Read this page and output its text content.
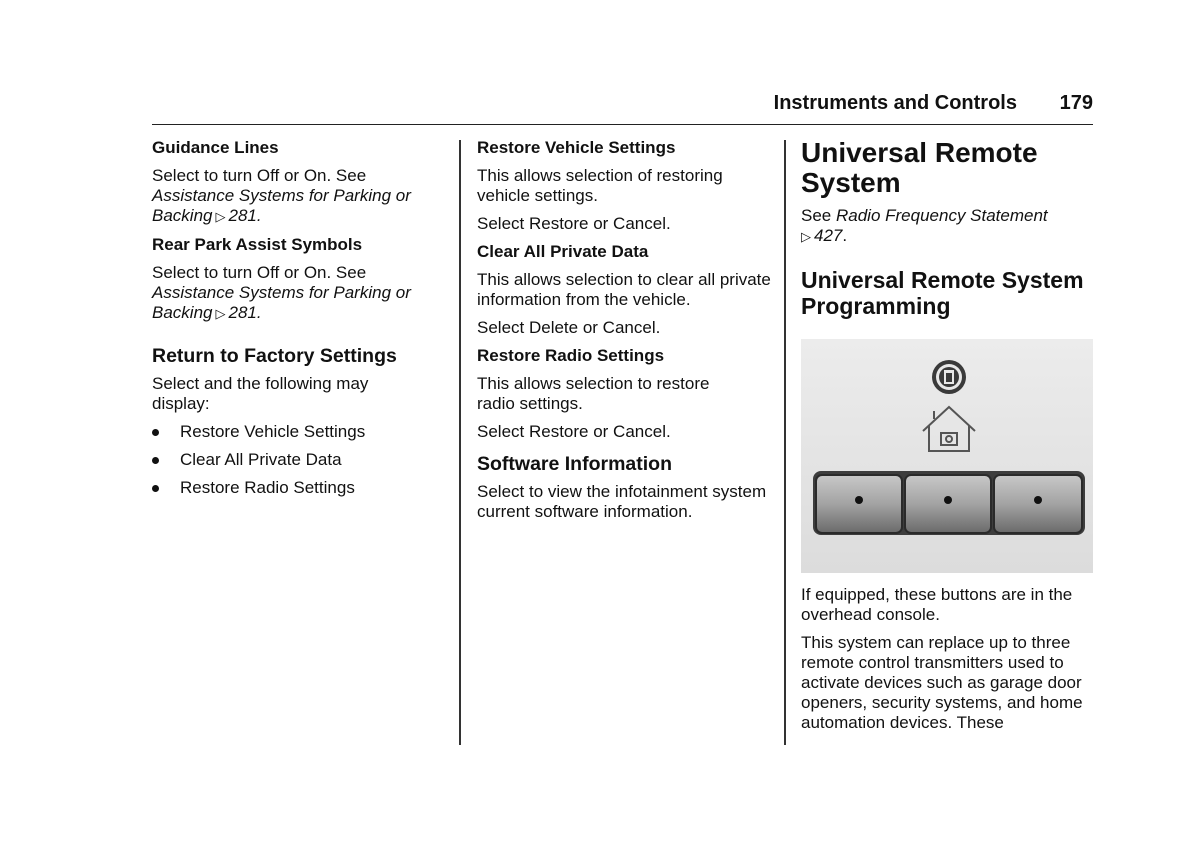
Instruments and Controls 179
Guidance Lines
Select to turn Off or On. See
Assistance Systems for Parking or
Backing ▷ 281.
Rear Park Assist Symbols
Select to turn Off or On. See
Assistance Systems for Parking or
Backing ▷ 281.
Return to Factory Settings
Select and the following may display:
Restore Vehicle Settings
Clear All Private Data
Restore Radio Settings
Restore Vehicle Settings
This allows selection of restoring vehicle settings.
Select Restore or Cancel.
Clear All Private Data
This allows selection to clear all private information from the vehicle.
Select Delete or Cancel.
Restore Radio Settings
This allows selection to restore radio settings.
Select Restore or Cancel.
Software Information
Select to view the infotainment system current software information.
Universal Remote System
See Radio Frequency Statement
▷ 427.
Universal Remote System Programming
If equipped, these buttons are in the overhead console.
This system can replace up to three remote control transmitters used to activate devices such as garage door openers, security systems, and home automation devices. These
